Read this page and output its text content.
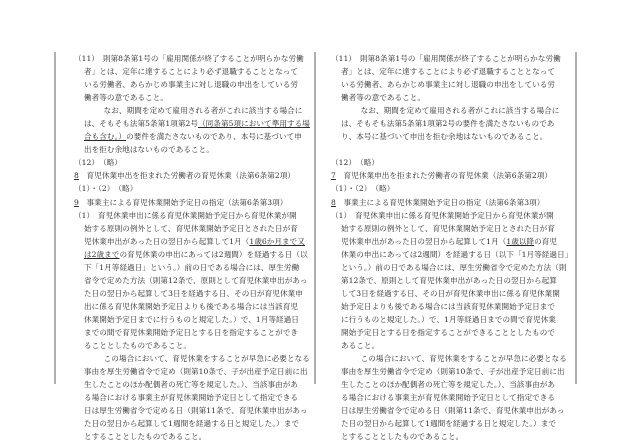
（11）　則第8条第1号の「雇用関係が終了することが明らかな労働
者」とは、定年に達することにより必ず退職することとなって
いる労働者、あらかじめ事業主に対し退職の申出をしている労
働者等の意であること。
　なお、期間を定めて雇用される者がこれに該当する場合に
は、そもそも法第5条第1項第2号（同条第5項において準用する場
合も含む。）の要件を満たさないものであり、本号に基づいて申
出を拒む余地はないものであること。
（12）　（略）
8　育児休業申出を拒まれた労働者の育児休業（法第6条第2項）
（1）・（2）　（略）
9　事業主による育児休業開始予定日の指定（法第6条第3項）
（1）　育児休業申出に係る育児休業開始予定日から育児休業が開
始する原則の例外として、育児休業開始予定日とされた日が育
児休業申出があった日の翌日から起算して1月（1歳6か月まで又
は2歳までの育児休業の申出にあっては2週間）を経過する日（以
下「1月等経過日」という。）前の日である場合には、厚生労働
省令で定めた方法（則第12条で、原則として育児休業申出があっ
た日の翌日から起算して3日を経過する日、その日が育児休業申
出に係る育児休業開始予定日よりも後である場合には当該育児
休業開始予定日までに行うものと規定した。）で、1月等経過日
までの間で育児休業開始予定日とする日を指定することができ
ることとしたものであること。
　この場合において、育児休業をすることが早急に必要となる
事由を厚生労働省令で定め（則第10条で、子が出産予定日前に出
生したことのほか配偶者の死亡等を規定した。）、当該事由があ
る場合における事業主が育児休業開始予定日として指定できる
日は厚生労働省令で定める日（則第11条で、育児休業申出があっ
た日の翌日から起算して1週間を経過する日と規定した。）まで
とすることとしたものであること。
（11）　則第8条第1号の「雇用関係が終了することが明らかな労働
者」とは、定年に達することにより必ず退職することとなって
いる労働者、あらかじめ事業主に対し退職の申出をしている労
働者等の意であること。
　なお、期間を定めて雇用される者がこれに該当する場合に
は、そもそも法第5条第1項第2号の要件を満たさないものであ
り、本号に基づいて申出を拒む余地はないものであること。
（12）　（略）
7　育児休業申出を拒まれた労働者の育児休業（法第6条第2項）
（1）・（2）　（略）
8　事業主による育児休業開始予定日の指定（法第6条第3項）
（1）　育児休業申出に係る育児休業開始予定日から育児休業が開
始する原則の例外として、育児休業開始予定日とされた日が育
児休業申出があった日の翌日から起算して1月（1歳以降の育児
休業の申出にあっては2週間）を経過する日（以下「1月等経過日」
という。）前の日である場合には、厚生労働省令で定めた方法（則
第12条で、原則として育児休業申出があった日の翌日から起算
して3日を経過する日、その日が育児休業申出に係る育児休業開
始予定日よりも後である場合には当該育児休業開始予定日まで
に行うものと規定した。）で、1月等経過日までの間で育児休業
開始予定日とする日を指定することができることとしたもので
あること。
　この場合において、育児休業をすることが早急に必要となる
事由を厚生労働省令で定め（則第10条で、子が出産予定日前に出
生したことのほか配偶者の死亡等を規定した。）、当該事由があ
る場合における事業主が育児休業開始予定日として指定できる
日は厚生労働省令で定める日（則第11条で、育児休業申出があっ
た日の翌日から起算して1週間を経過する日と規定した。）まで
とすることとしたものであること。
